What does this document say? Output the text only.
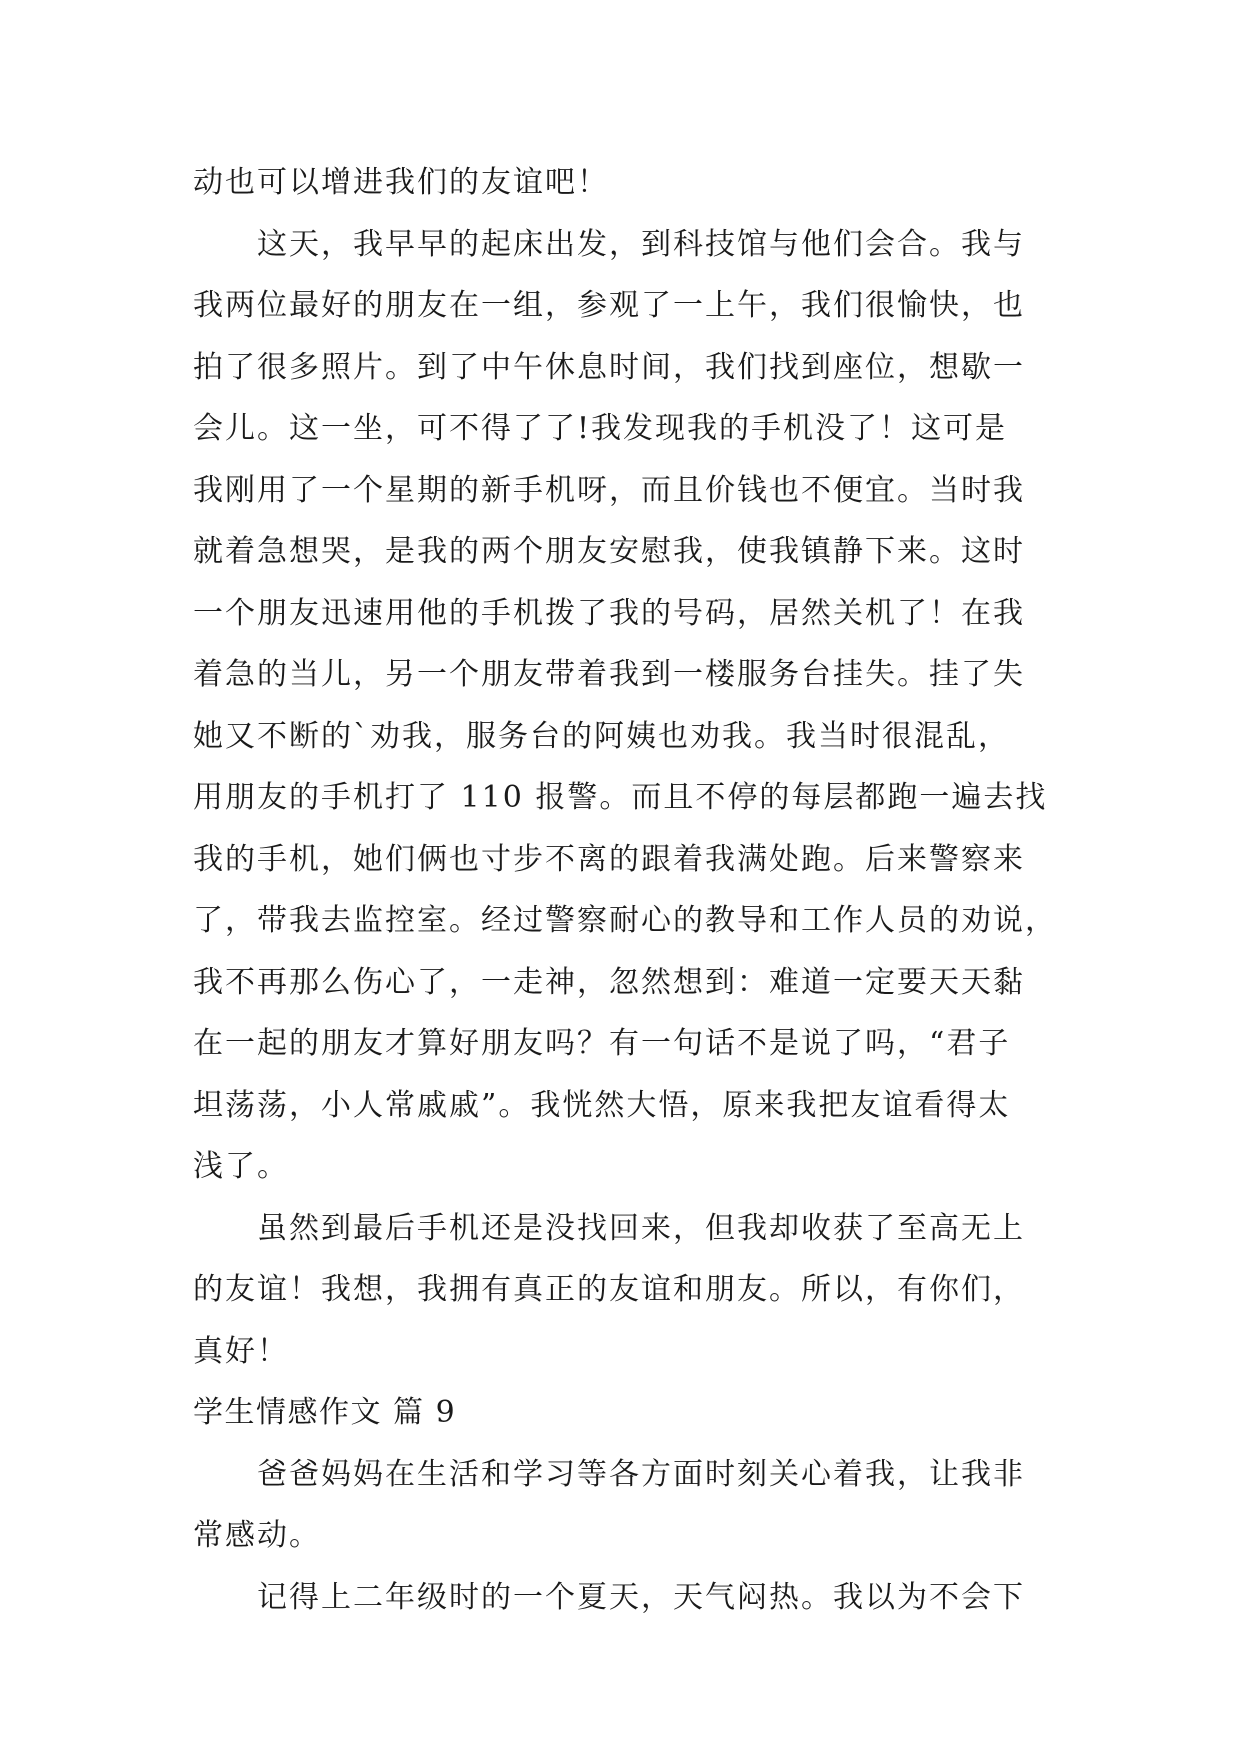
动也可以增进我们的友谊吧！
这天，我早早的起床出发，到科技馆与他们会合。我与
我两位最好的朋友在一组，参观了一上午，我们很愉快，也
拍了很多照片。到了中午休息时间，我们找到座位，想歇一
会儿。这一坐，可不得了了!我发现我的手机没了！这可是
我刚用了一个星期的新手机呀，而且价钱也不便宜。当时我
就着急想哭，是我的两个朋友安慰我，使我镇静下来。这时
一个朋友迅速用他的手机拨了我的号码，居然关机了！在我
着急的当儿，另一个朋友带着我到一楼服务台挂失。挂了失
她又不断的`劝我，服务台的阿姨也劝我。我当时很混乱，
用朋友的手机打了 110 报警。而且不停的每层都跑一遍去找
我的手机，她们俩也寸步不离的跟着我满处跑。后来警察来
了，带我去监控室。经过警察耐心的教导和工作人员的劝说，
我不再那么伤心了，一走神，忽然想到：难道一定要天天黏
在一起的朋友才算好朋友吗？有一句话不是说了吗，“君子
坦荡荡，小人常戚戚”。我恍然大悟，原来我把友谊看得太
浅了。
虽然到最后手机还是没找回来，但我却收获了至高无上
的友谊！我想，我拥有真正的友谊和朋友。所以，有你们，
真好！
学生情感作文 篇 9
爸爸妈妈在生活和学习等各方面时刻关心着我，让我非
常感动。
记得上二年级时的一个夏天，天气闷热。我以为不会下
